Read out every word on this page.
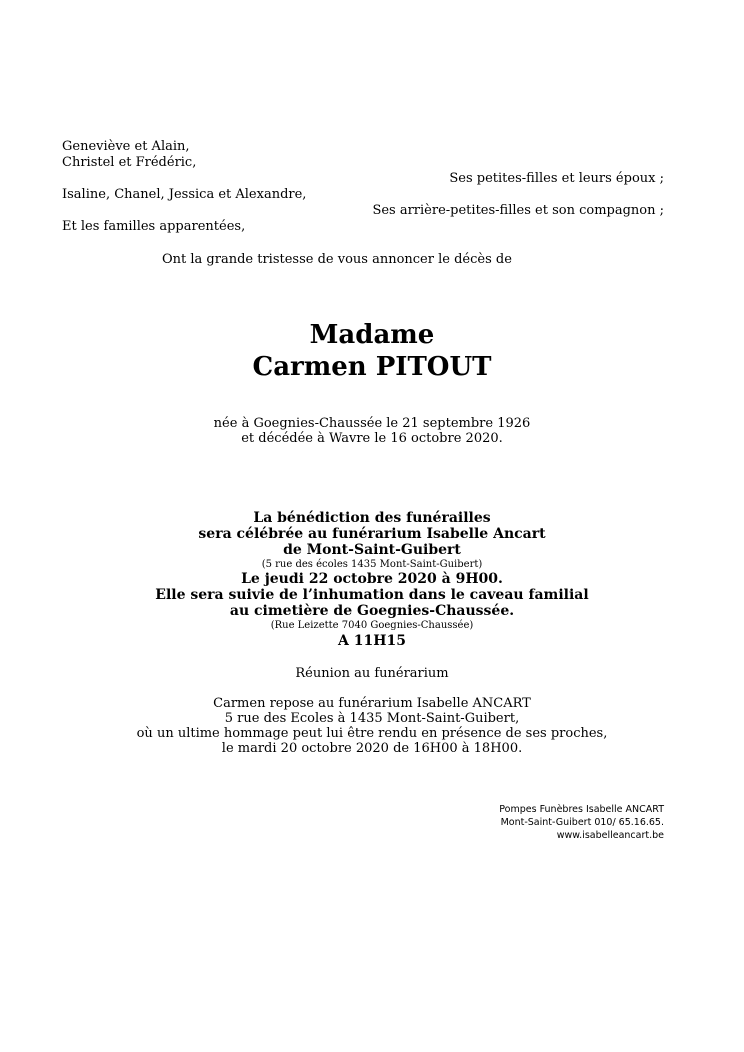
Geneviève et Alain,
Christel et Frédéric,
Ses petites-filles et leurs époux ;
Isaline, Chanel, Jessica et Alexandre,
Ses arrière-petites-filles et son compagnon ;
Et les familles apparentées,
Ont la grande tristesse de vous annoncer le décès de
Madame
Carmen PITOUT
née à Goegnies-Chaussée le 21 septembre 1926
et décédée à Wavre le 16 octobre 2020.
La bénédiction des funérailles
sera célébrée au funérarium Isabelle Ancart
de Mont-Saint-Guibert
(5 rue des écoles 1435 Mont-Saint-Guibert)
Le jeudi 22 octobre 2020 à 9H00.
Elle sera suivie de l’inhumation dans le caveau familial
au cimetière de Goegnies-Chaussée.
(Rue Leizette 7040 Goegnies-Chaussée)
A 11H15
Réunion au funérarium
Carmen repose au funérarium Isabelle ANCART
5 rue des Ecoles à 1435 Mont-Saint-Guibert,
où un ultime hommage peut lui être rendu en présence de ses proches,
le mardi 20 octobre 2020 de 16H00 à 18H00.
Pompes Funèbres Isabelle ANCART
Mont-Saint-Guibert 010/ 65.16.65.
www.isabelleancart.be
